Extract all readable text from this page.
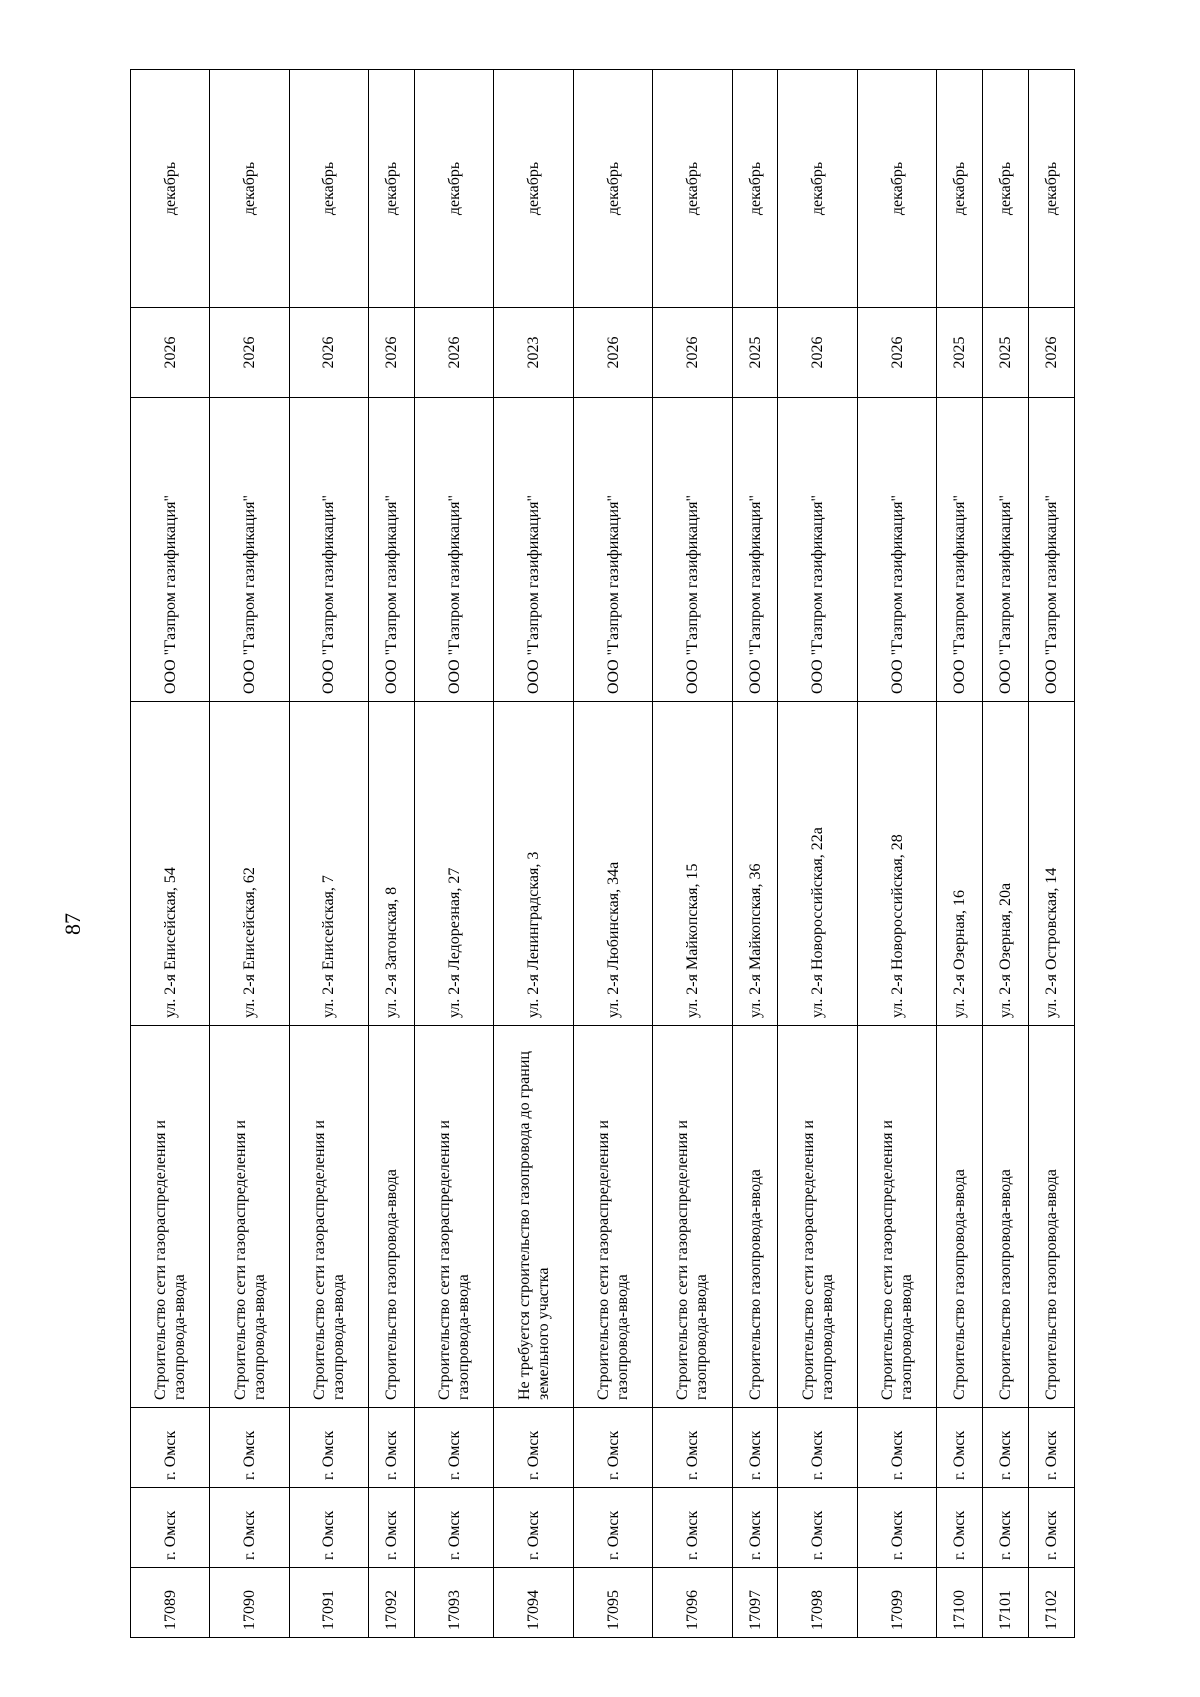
87
17089	г. Омск	г. Омск	Строительство сети газораспределения и газопровода-ввода	ул. 2-я Енисейская, 54	ООО "Газпром газификация"	2026	декабрь
17090	г. Омск	г. Омск	Строительство сети газораспределения и газопровода-ввода	ул. 2-я Енисейская, 62	ООО "Газпром газификация"	2026	декабрь
17091	г. Омск	г. Омск	Строительство сети газораспределения и газопровода-ввода	ул. 2-я Енисейская, 7	ООО "Газпром газификация"	2026	декабрь
17092	г. Омск	г. Омск	Строительство газопровода-ввода	ул. 2-я Затонская, 8	ООО "Газпром газификация"	2026	декабрь
17093	г. Омск	г. Омск	Строительство сети газораспределения и газопровода-ввода	ул. 2-я Ледорезная, 27	ООО "Газпром газификация"	2026	декабрь
17094	г. Омск	г. Омск	Не требуется строительство газопровода до границ земельного участка	ул. 2-я Ленинградская, 3	ООО "Газпром газификация"	2023	декабрь
17095	г. Омск	г. Омск	Строительство сети газораспределения и газопровода-ввода	ул. 2-я Любинская, 34а	ООО "Газпром газификация"	2026	декабрь
17096	г. Омск	г. Омск	Строительство сети газораспределения и газопровода-ввода	ул. 2-я Майкопская, 15	ООО "Газпром газификация"	2026	декабрь
17097	г. Омск	г. Омск	Строительство газопровода-ввода	ул. 2-я Майкопская, 36	ООО "Газпром газификация"	2025	декабрь
17098	г. Омск	г. Омск	Строительство сети газораспределения и газопровода-ввода	ул. 2-я Новороссийская, 22а	ООО "Газпром газификация"	2026	декабрь
17099	г. Омск	г. Омск	Строительство сети газораспределения и газопровода-ввода	ул. 2-я Новороссийская, 28	ООО "Газпром газификация"	2026	декабрь
17100	г. Омск	г. Омск	Строительство газопровода-ввода	ул. 2-я Озерная, 16	ООО "Газпром газификация"	2025	декабрь
17101	г. Омск	г. Омск	Строительство газопровода-ввода	ул. 2-я Озерная, 20а	ООО "Газпром газификация"	2025	декабрь
17102	г. Омск	г. Омск	Строительство газопровода-ввода	ул. 2-я Островская, 14	ООО "Газпром газификация"	2026	декабрь
